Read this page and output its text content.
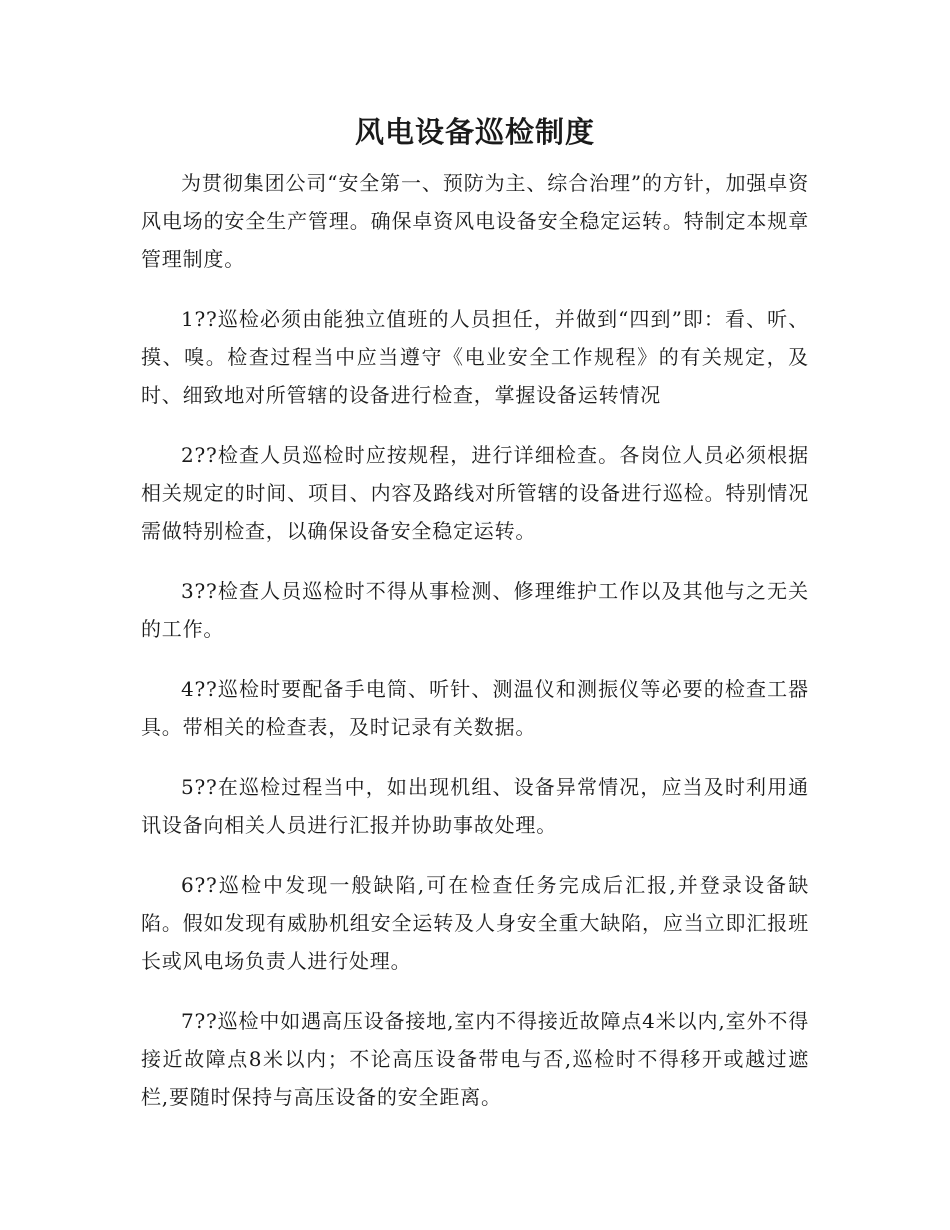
风电设备巡检制度

为贯彻集团公司“安全第一、预防为主、综合治理”的方针，加强卓资风电场的安全生产管理。确保卓资风电设备安全稳定运转。特制定本规章管理制度。

1??巡检必须由能独立值班的人员担任，并做到“四到”即：看、听、摸、嗅。检查过程当中应当遵守《电业安全工作规程》的有关规定，及时、细致地对所管辖的设备进行检查，掌握设备运转情况

2??检查人员巡检时应按规程，进行详细检查。各岗位人员必须根据相关规定的时间、项目、内容及路线对所管辖的设备进行巡检。特别情况需做特别检查，以确保设备安全稳定运转。

3??检查人员巡检时不得从事检测、修理维护工作以及其他与之无关的工作。

4??巡检时要配备手电筒、听针、测温仪和测振仪等必要的检查工器具。带相关的检查表，及时记录有关数据。

5??在巡检过程当中，如出现机组、设备异常情况，应当及时利用通讯设备向相关人员进行汇报并协助事故处理。

6??巡检中发现一般缺陷,可在检查任务完成后汇报,并登录设备缺陷。假如发现有威胁机组安全运转及人身安全重大缺陷，应当立即汇报班长或风电场负责人进行处理。

7??巡检中如遇高压设备接地,室内不得接近故障点4米以内,室外不得接近故障点8米以内；不论高压设备带电与否,巡检时不得移开或越过遮栏,要随时保持与高压设备的安全距离。
